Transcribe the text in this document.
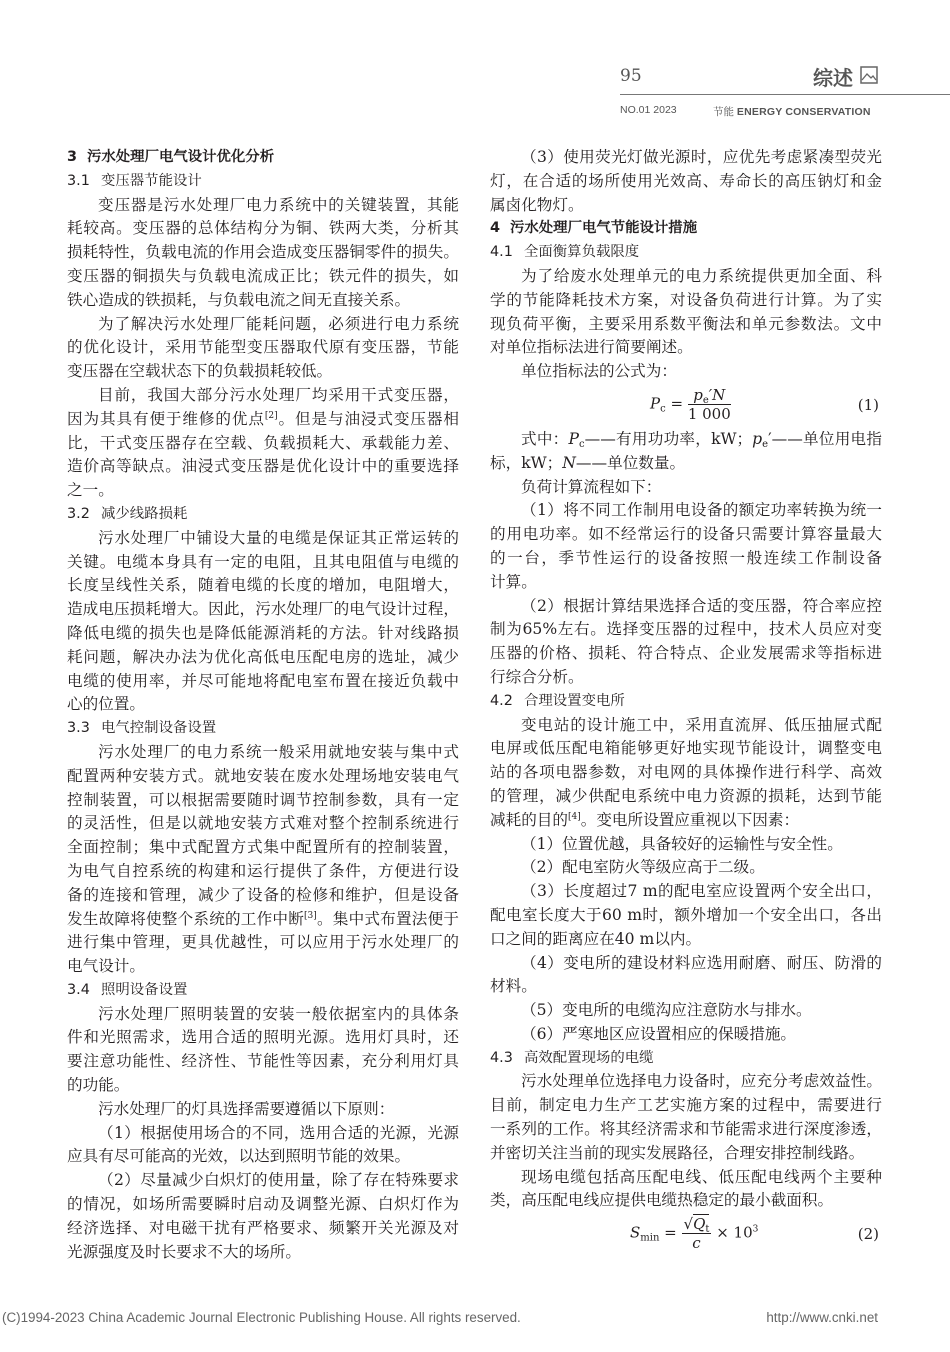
95	综述
NO.01 2023	节能 ENERGY CONSERVATION
3 污水处理厂电气设计优化分析
3.1 变压器节能设计
变压器是污水处理厂电力系统中的关键装置，其能
耗较高。变压器的总体结构分为铜、铁两大类，分析其
损耗特性，负载电流的作用会造成变压器铜零件的损失。
变压器的铜损失与负载电流成正比；铁元件的损失，如
铁心造成的铁损耗，与负载电流之间无直接关系。
为了解决污水处理厂能耗问题，必须进行电力系统
的优化设计，采用节能型变压器取代原有变压器，节能
变压器在空载状态下的负载损耗较低。
目前，我国大部分污水处理厂均采用干式变压器，
因为其具有便于维修的优点[2]。但是与油浸式变压器相
比，干式变压器存在空载、负载损耗大、承载能力差、
造价高等缺点。油浸式变压器是优化设计中的重要选择
之一。
3.2 减少线路损耗
污水处理厂中铺设大量的电缆是保证其正常运转的
关键。电缆本身具有一定的电阻，且其电阻值与电缆的
长度呈线性关系，随着电缆的长度的增加，电阻增大，
造成电压损耗增大。因此，污水处理厂的电气设计过程，
降低电缆的损失也是降低能源消耗的方法。针对线路损
耗问题，解决办法为优化高低电压配电房的选址，减少
电缆的使用率，并尽可能地将配电室布置在接近负载中
心的位置。
3.3 电气控制设备设置
污水处理厂的电力系统一般采用就地安装与集中式
配置两种安装方式。就地安装在废水处理场地安装电气
控制装置，可以根据需要随时调节控制参数，具有一定
的灵活性，但是以就地安装方式难对整个控制系统进行
全面控制；集中式配置方式集中配置所有的控制装置，
为电气自控系统的构建和运行提供了条件，方便进行设
备的连接和管理，减少了设备的检修和维护，但是设备
发生故障将使整个系统的工作中断[3]。集中式布置法便于
进行集中管理，更具优越性，可以应用于污水处理厂的
电气设计。
3.4 照明设备设置
污水处理厂照明装置的安装一般依据室内的具体条
件和光照需求，选用合适的照明光源。选用灯具时，还
要注意功能性、经济性、节能性等因素，充分利用灯具
的功能。
污水处理厂的灯具选择需要遵循以下原则：
（1）根据使用场合的不同，选用合适的光源，光源
应具有尽可能高的光效，以达到照明节能的效果。
（2）尽量减少白炽灯的使用量，除了存在特殊要求
的情况，如场所需要瞬时启动及调整光源、白炽灯作为
经济选择、对电磁干扰有严格要求、频繁开关光源及对
光源强度及时长要求不大的场所。
（3）使用荧光灯做光源时，应优先考虑紧凑型荧光
灯，在合适的场所使用光效高、寿命长的高压钠灯和金
属卤化物灯。
4 污水处理厂电气节能设计措施
4.1 全面衡算负载限度
为了给废水处理单元的电力系统提供更加全面、科
学的节能降耗技术方案，对设备负荷进行计算。为了实
现负荷平衡，主要采用系数平衡法和单元参数法。文中
对单位指标法进行简要阐述。
单位指标法的公式为：
$P_c = \frac{p_e'N}{1 000}$	(1)
式中：$P_c——$有用功功率，kW；$p_e'——$单位用电指
标，kW；N——单位数量。
负荷计算流程如下：
（1）将不同工作制用电设备的额定功率转换为统一
的用电功率。如不经常运行的设备只需要计算容量最大
的一台，季节性运行的设备按照一般连续工作制设备
计算。
（2）根据计算结果选择合适的变压器，符合率应控
制为65%左右。选择变压器的过程中，技术人员应对变
压器的价格、损耗、符合特点、企业发展需求等指标进
行综合分析。
4.2 合理设置变电所
变电站的设计施工中，采用直流屏、低压抽屉式配
电屏或低压配电箱能够更好地实现节能设计，调整变电
站的各项电器参数，对电网的具体操作进行科学、高效
的管理，减少供配电系统中电力资源的损耗，达到节能
减耗的目的[4]。变电所设置应重视以下因素：
（1）位置优越，具备较好的运输性与安全性。
（2）配电室防火等级应高于二级。
（3）长度超过7 m的配电室应设置两个安全出口，
配电室长度大于60 m时，额外增加一个安全出口，各出
口之间的距离应在40 m以内。
（4）变电所的建设材料应选用耐磨、耐压、防滑的
材料。
（5）变电所的电缆沟应注意防水与排水。
（6）严寒地区应设置相应的保暖措施。
4.3 高效配置现场的电缆
污水处理单位选择电力设备时，应充分考虑效益性。
目前，制定电力生产工艺实施方案的过程中，需要进行
一系列的工作。将其经济需求和节能需求进行深度渗透，
并密切关注当前的现实发展路径，合理安排控制线路。
现场电缆包括高压配电线、低压配电线两个主要种
类，高压配电线应提供电缆热稳定的最小截面积。
$S_{min} = \frac{√Q_t}{c} \times 10^3$	(2)
(C)1994-2023 China Academic Journal Electronic Publishing House. All rights reserved.	http://www.cnki.net
